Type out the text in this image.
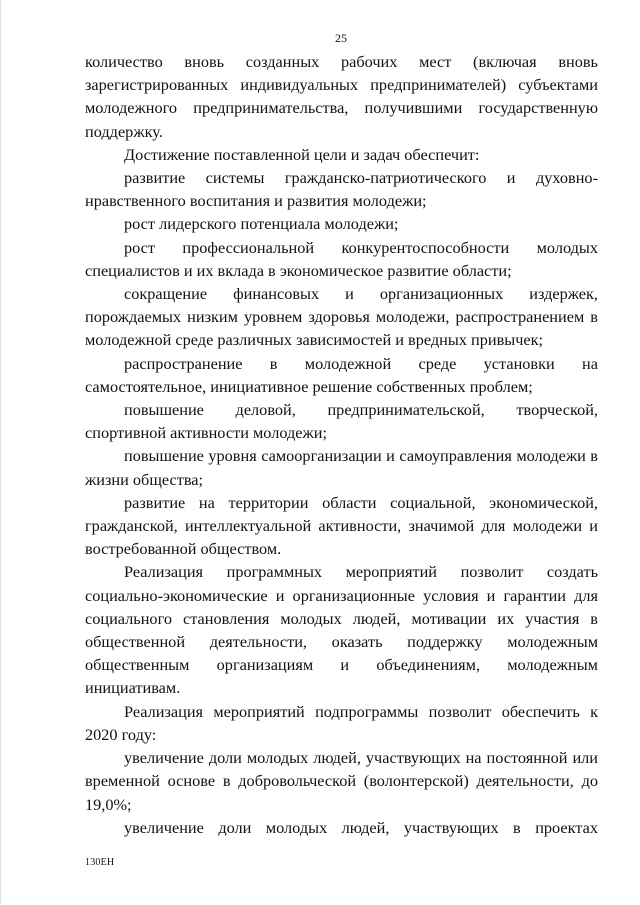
25

количество вновь созданных рабочих мест (включая вновь зарегистрированных индивидуальных предпринимателей) субъектами молодежного предпринимательства, получившими государственную поддержку.

Достижение поставленной цели и задач обеспечит:

развитие системы гражданско-патриотического и духовно-нравственного воспитания и развития молодежи;

рост лидерского потенциала молодежи;

рост профессиональной конкурентоспособности молодых специалистов и их вклада в экономическое развитие области;

сокращение финансовых и организационных издержек, порождаемых низким уровнем здоровья молодежи, распространением в молодежной среде различных зависимостей и вредных привычек;

распространение в молодежной среде установки на самостоятельное, инициативное решение собственных проблем;

повышение деловой, предпринимательской, творческой, спортивной активности молодежи;

повышение уровня самоорганизации и самоуправления молодежи в жизни общества;

развитие на территории области социальной, экономической, гражданской, интеллектуальной активности, значимой для молодежи и востребованной обществом.

Реализация программных мероприятий позволит создать социально-экономические и организационные условия и гарантии для социального становления молодых людей, мотивации их участия в общественной деятельности, оказать поддержку молодежным общественным организациям и объединениям, молодежным инициативам.

Реализация мероприятий подпрограммы позволит обеспечить к 2020 году:

увеличение доли молодых людей, участвующих на постоянной или временной основе в добровольческой (волонтерской) деятельности, до 19,0%;

увеличение доли молодых людей, участвующих в проектах

130ЕН
